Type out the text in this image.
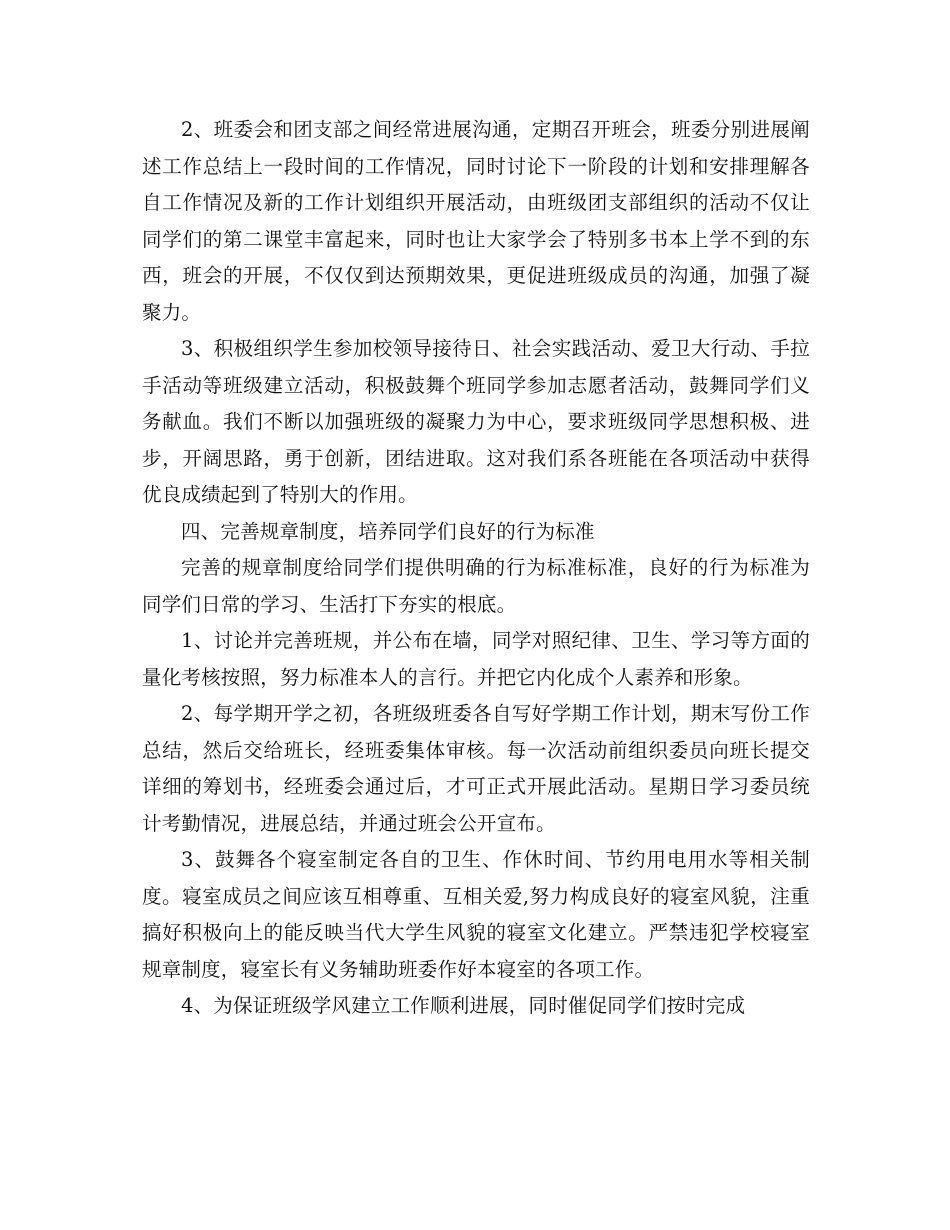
2、班委会和团支部之间经常进展沟通，定期召开班会，班委分别进展阐述工作总结上一段时间的工作情况，同时讨论下一阶段的计划和安排理解各自工作情况及新的工作计划组织开展活动，由班级团支部组织的活动不仅让同学们的第二课堂丰富起来，同时也让大家学会了特别多书本上学不到的东西，班会的开展，不仅仅到达预期效果，更促进班级成员的沟通，加强了凝聚力。

3、积极组织学生参加校领导接待日、社会实践活动、爱卫大行动、手拉手活动等班级建立活动，积极鼓舞个班同学参加志愿者活动，鼓舞同学们义务献血。我们不断以加强班级的凝聚力为中心，要求班级同学思想积极、进步，开阔思路，勇于创新，团结进取。这对我们系各班能在各项活动中获得优良成绩起到了特别大的作用。

四、完善规章制度，培养同学们良好的行为标准

完善的规章制度给同学们提供明确的行为标准标准，良好的行为标准为同学们日常的学习、生活打下夯实的根底。

1、讨论并完善班规，并公布在墙，同学对照纪律、卫生、学习等方面的量化考核按照，努力标准本人的言行。并把它内化成个人素养和形象。

2、每学期开学之初，各班级班委各自写好学期工作计划，期末写份工作总结，然后交给班长，经班委集体审核。每一次活动前组织委员向班长提交详细的筹划书，经班委会通过后，才可正式开展此活动。星期日学习委员统计考勤情况，进展总结，并通过班会公开宣布。

3、鼓舞各个寝室制定各自的卫生、作休时间、节约用电用水等相关制度。寝室成员之间应该互相尊重、互相关爱,努力构成良好的寝室风貌，注重搞好积极向上的能反映当代大学生风貌的寝室文化建立。严禁违犯学校寝室规章制度，寝室长有义务辅助班委作好本寝室的各项工作。

4、为保证班级学风建立工作顺利进展，同时催促同学们按时完成
